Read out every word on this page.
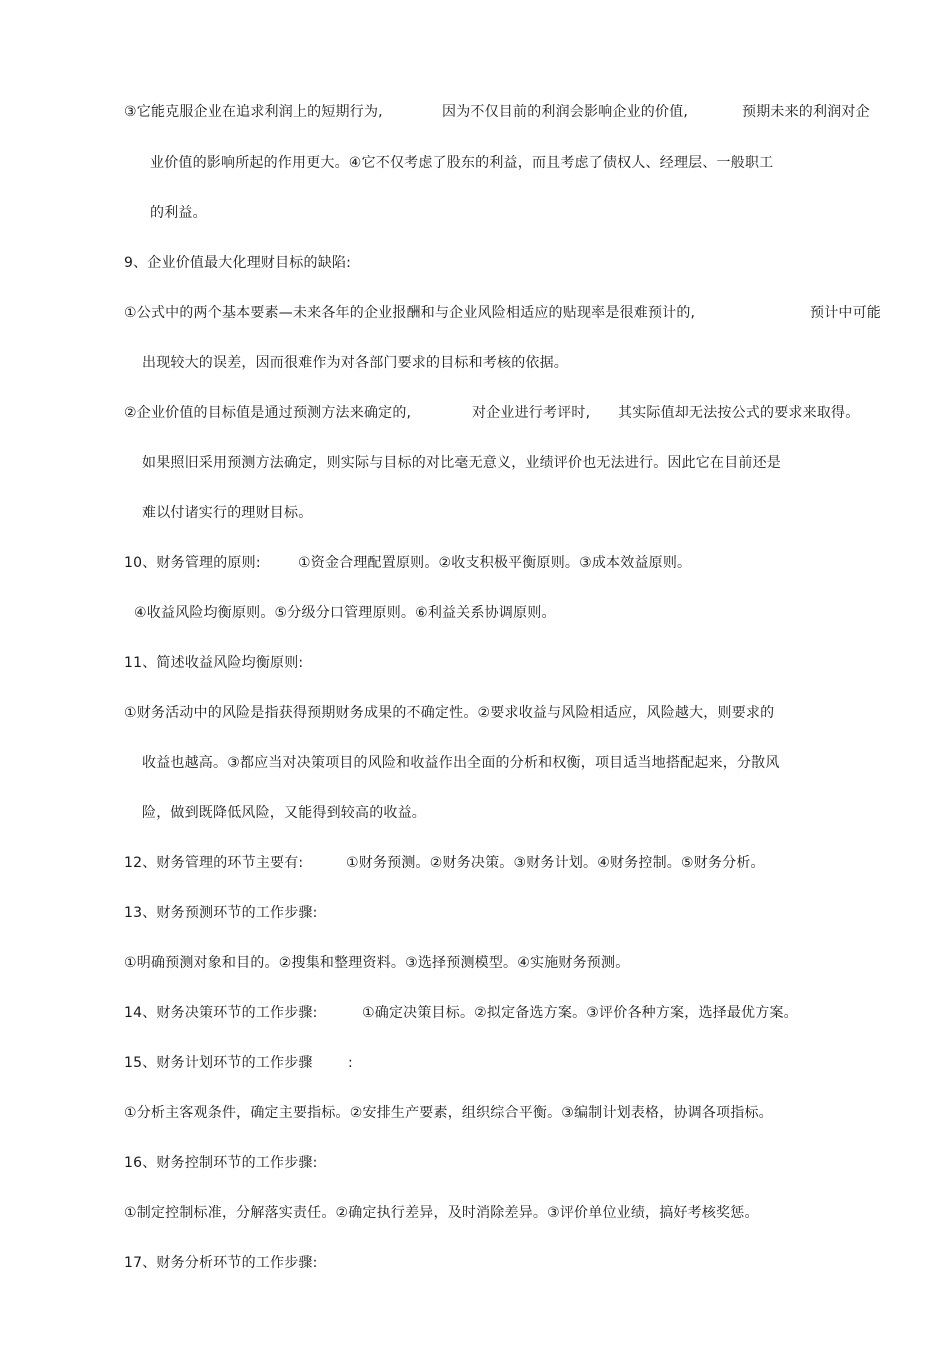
③它能克服企业在追求利润上的短期行为,	因为不仅目前的利润会影响企业的价值,	预期未来的利润对企
业价值的影响所起的作用更大。④它不仅考虑了股东的利益，而且考虑了债权人、经理层、一般职工
的利益。
9、企业价值最大化理财目标的缺陷:
①公式中的两个基本要素—未来各年的企业报酬和与企业风险相适应的贴现率是很难预计的,	预计中可能
出现较大的误差，因而很难作为对各部门要求的目标和考核的依据。
②企业价值的目标值是通过预测方法来确定的,	对企业进行考评时, 其实际值却无法按公式的要求来取得。
如果照旧采用预测方法确定，则实际与目标的对比毫无意义，业绩评价也无法进行。因此它在目前还是
难以付诸实行的理财目标。
10、财务管理的原则:	①资金合理配置原则。②收支积极平衡原则。③成本效益原则。
④收益风险均衡原则。⑤分级分口管理原则。⑥利益关系协调原则。
11、简述收益风险均衡原则:
①财务活动中的风险是指获得预期财务成果的不确定性。②要求收益与风险相适应，风险越大，则要求的
收益也越高。③都应当对决策项目的风险和收益作出全面的分析和权衡，项目适当地搭配起来，分散风
险，做到既降低风险，又能得到较高的收益。
12、财务管理的环节主要有:	①财务预测。②财务决策。③财务计划。④财务控制。⑤财务分析。
13、财务预测环节的工作步骤:
①明确预测对象和目的。②搜集和整理资料。③选择预测模型。④实施财务预测。
14、财务决策环节的工作步骤:	①确定决策目标。②拟定备选方案。③评价各种方案，选择最优方案。
15、财务计划环节的工作步骤	:
①分析主客观条件，确定主要指标。②安排生产要素，组织综合平衡。③编制计划表格，协调各项指标。
16、财务控制环节的工作步骤:
①制定控制标准，分解落实责任。②确定执行差异，及时消除差异。③评价单位业绩，搞好考核奖惩。
17、财务分析环节的工作步骤:
